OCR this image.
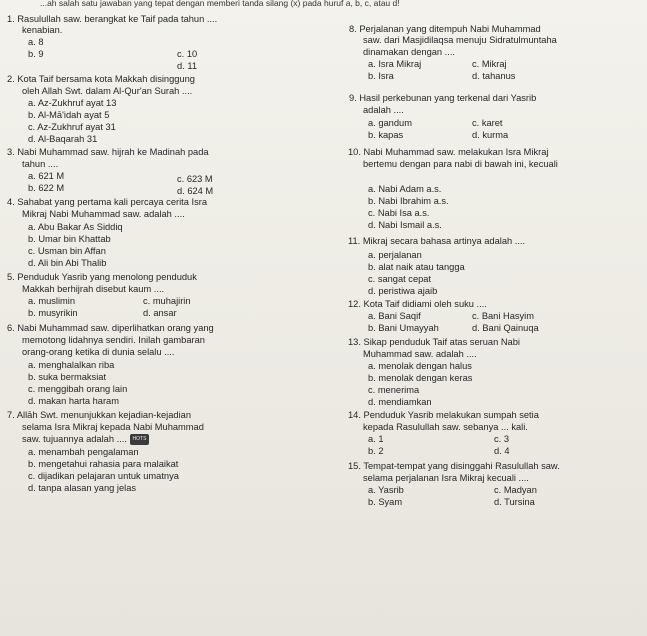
...ah salah satu jawaban yang tepat dengan memberi tanda silang (x) pada huruf a, b, c, atau d!
1. Rasulullah saw. berangkat ke Taif pada tahun ....
kenabian.
a. 8
b. 9	c. 10
d. 11
2. Kota Taif bersama kota Makkah disinggung
oleh Allah Swt. dalam Al-Qur'an Surah ....
a. Az-Zukhruf ayat 13
b. Al-Mā'idah ayat 5
c. Az-Zukhruf ayat 31
d. Al-Baqarah 31
3. Nabi Muhammad saw. hijrah ke Madinah pada
tahun ....
a. 621 M	c. 623 M
b. 622 M	d. 624 M
4. Sahabat yang pertama kali percaya cerita Isra
Mikraj Nabi Muhammad saw. adalah ....
a. Abu Bakar As Siddiq
b. Umar bin Khattab
c. Usman bin Affan
d. Ali bin Abi Thalib
5. Penduduk Yasrib yang menolong penduduk
Makkah berhijrah disebut kaum ....
a. muslimin	c. muhajirin
b. musyrikin	d. ansar
6. Nabi Muhammad saw. diperlihatkan orang yang
memotong lidahnya sendiri. Inilah gambaran
orang-orang ketika di dunia selalu ....
a. menghalalkan riba
b. suka bermaksiat
c. menggibah orang lain
d. makan harta haram
7. Allāh Swt. menunjukkan kejadian-kejadian
selama Isra Mikraj kepada Nabi Muhammad
saw. tujuannya adalah .... HOTS
a. menambah pengalaman
b. mengetahui rahasia para malaikat
c. dijadikan pelajaran untuk umatnya
d. tanpa alasan yang jelas
8. Perjalanan yang ditempuh Nabi Muhammad
saw. dari Masjidilaqsa menuju Sidratulmuntaha
dinamakan dengan ....
a. Isra Mikraj	c. Mikraj
b. Isra	d. tahanus
9. Hasil perkebunan yang terkenal dari Yasrib
adalah ....
a. gandum	c. karet
b. kapas	d. kurma
10. Nabi Muhammad saw. melakukan Isra Mikraj
bertemu dengan para nabi di bawah ini, kecuali
a. Nabi Adam a.s.
b. Nabi Ibrahim a.s.
c. Nabi Isa a.s.
d. Nabi Ismail a.s.
11. Mikraj secara bahasa artinya adalah ....
a. perjalanan
b. alat naik atau tangga
c. sangat cepat
d. peristiwa ajaib
12. Kota Taif didiami oleh suku ....
a. Bani Saqif	c. Bani Hasyim
b. Bani Umayyah	d. Bani Qainuqa
13. Sikap penduduk Taif atas seruan Nabi
Muhammad saw. adalah ....
a. menolak dengan halus
b. menolak dengan keras
c. menerima
d. mendiamkan
14. Penduduk Yasrib melakukan sumpah setia
kepada Rasulullah saw. sebanya ... kali.
a. 1	c. 3
b. 2	d. 4
15. Tempat-tempat yang disinggahi Rasulullah saw.
selama perjalanan Isra Mikraj kecuali ....
a. Yasrib	c. Madyan
b. Syam	d. Tursina
